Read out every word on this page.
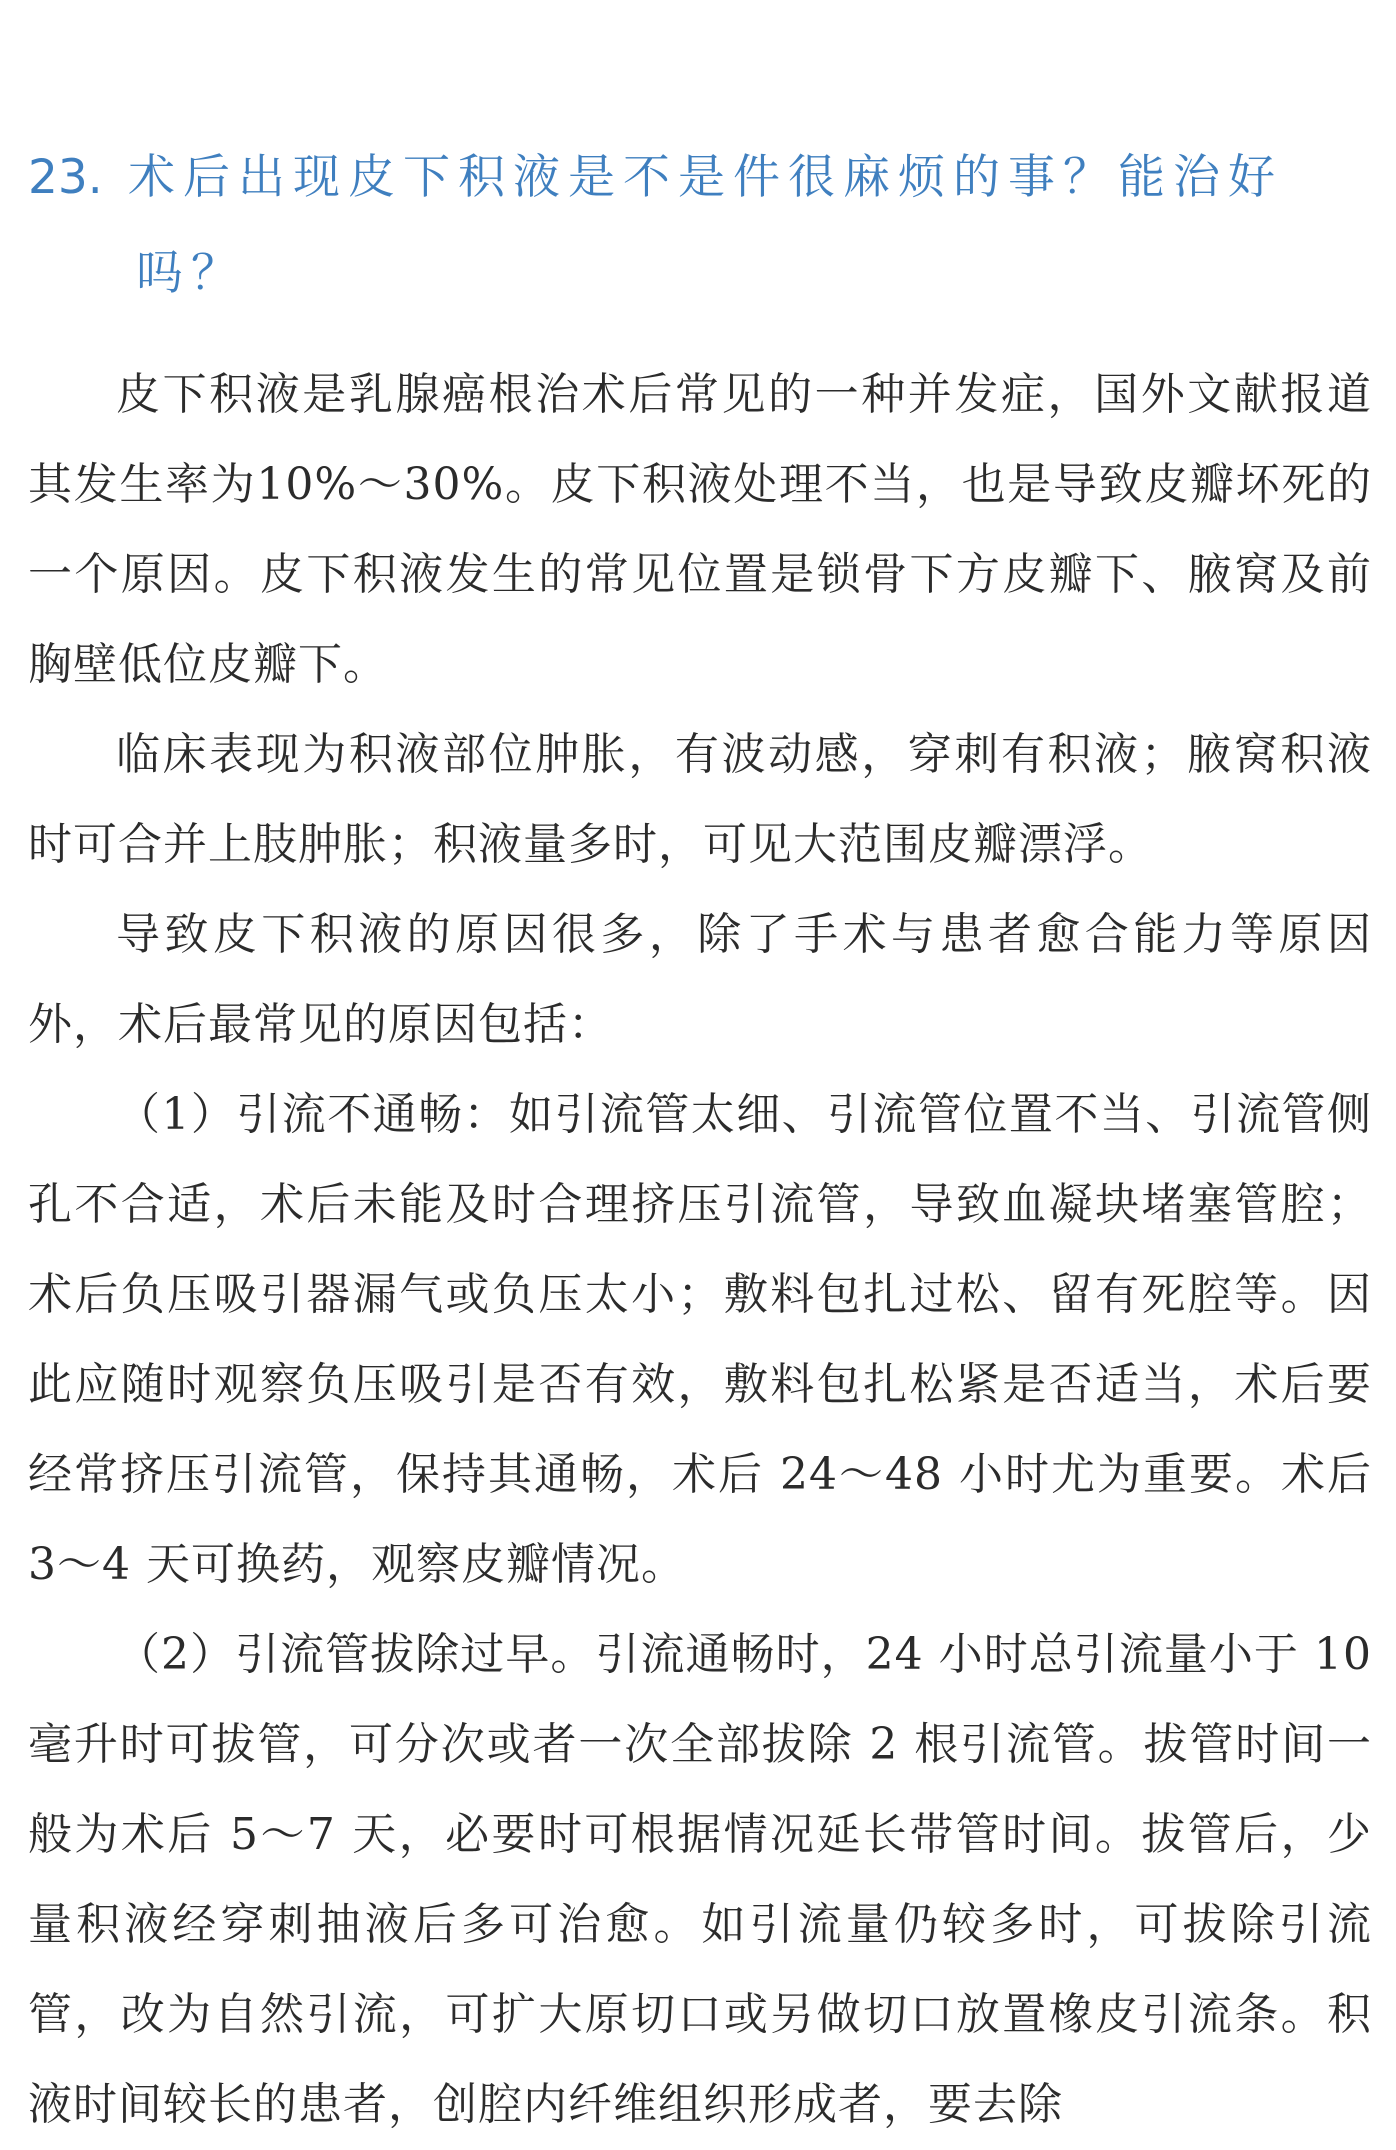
23. 术后出现皮下积液是不是件很麻烦的事？能治好吗？

皮下积液是乳腺癌根治术后常见的一种并发症，国外文献报道其发生率为10%～30%。皮下积液处理不当，也是导致皮瓣坏死的一个原因。皮下积液发生的常见位置是锁骨下方皮瓣下、腋窝及前胸壁低位皮瓣下。

临床表现为积液部位肿胀，有波动感，穿刺有积液；腋窝积液时可合并上肢肿胀；积液量多时，可见大范围皮瓣漂浮。

导致皮下积液的原因很多，除了手术与患者愈合能力等原因外，术后最常见的原因包括：

（1）引流不通畅：如引流管太细、引流管位置不当、引流管侧孔不合适，术后未能及时合理挤压引流管，导致血凝块堵塞管腔；术后负压吸引器漏气或负压太小；敷料包扎过松、留有死腔等。因此应随时观察负压吸引是否有效，敷料包扎松紧是否适当，术后要经常挤压引流管，保持其通畅，术后 24～48 小时尤为重要。术后 3～4 天可换药，观察皮瓣情况。

（2）引流管拔除过早。引流通畅时，24 小时总引流量小于 10 毫升时可拔管，可分次或者一次全部拔除 2 根引流管。拔管时间一般为术后 5～7 天，必要时可根据情况延长带管时间。拔管后，少量积液经穿刺抽液后多可治愈。如引流量仍较多时，可拔除引流管，改为自然引流，可扩大原切口或另做切口放置橡皮引流条。积液时间较长的患者，创腔内纤维组织形成者，要去除
